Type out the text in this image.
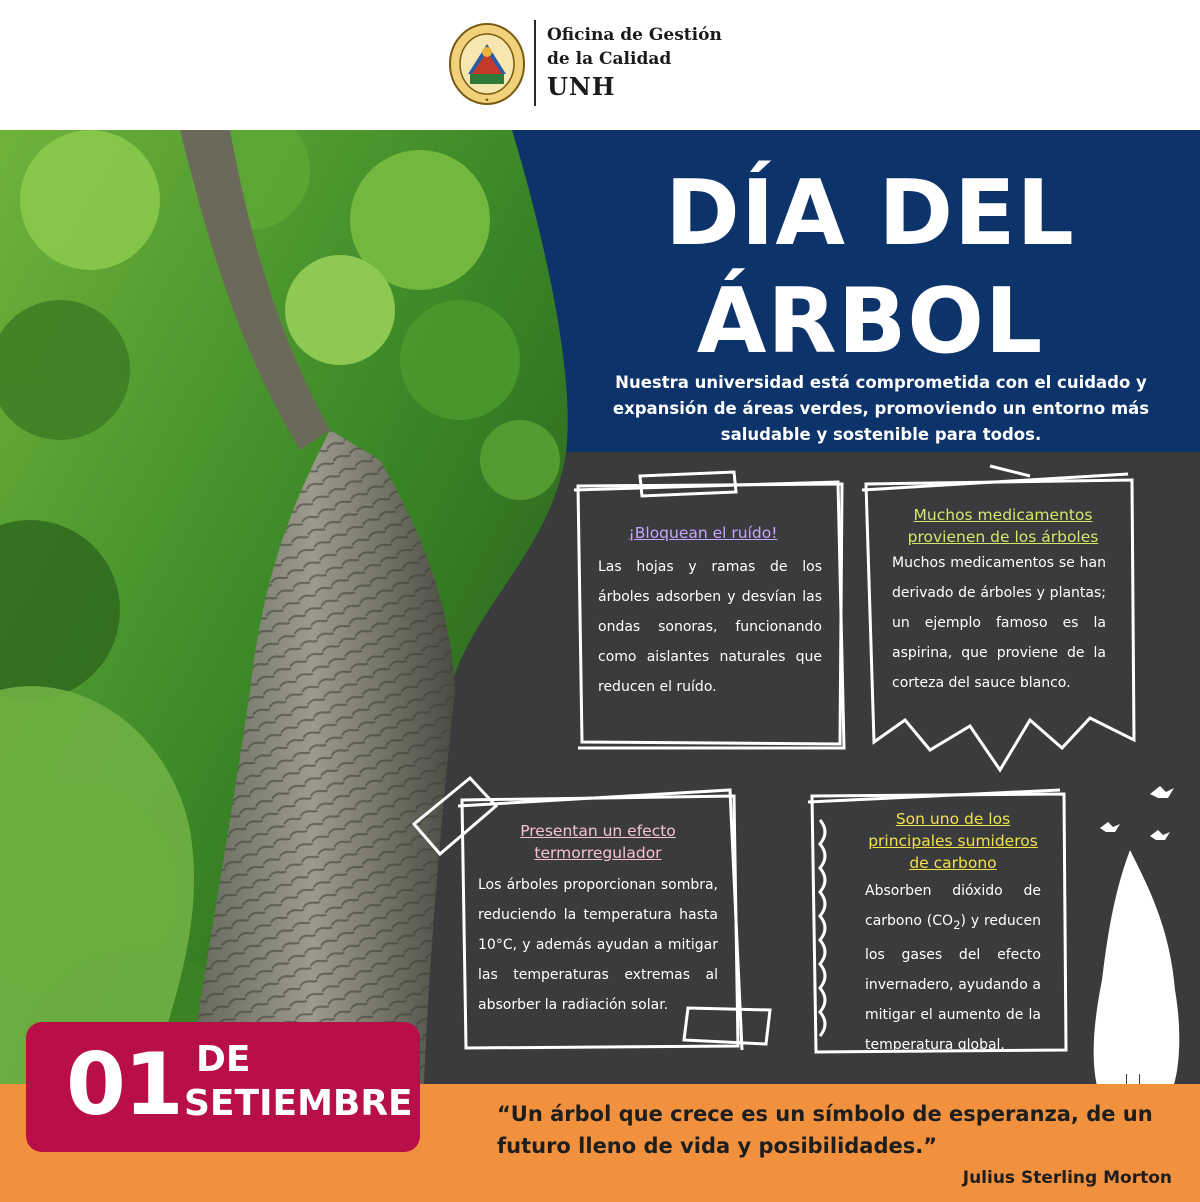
✦
Oficina de Gestión
de la Calidad
UNH
DÍA DEL
ÁRBOL
Nuestra universidad está comprometida con el cuidado y expansión de áreas verdes, promoviendo un entorno más saludable y sostenible para todos.
¡Bloquean el ruído!
Las hojas y ramas de los árboles adsorben y desvían las ondas sonoras, funcionando como aislantes naturales que reducen el ruído.
Muchos medicamentos provienen de los árboles
Muchos medicamentos se han derivado de árboles y plantas; un ejemplo famoso es la aspirina, que proviene de la corteza del sauce blanco.
Presentan un efecto termorregulador
Los árboles proporcionan sombra, reduciendo la temperatura hasta 10°C, y además ayudan a mitigar las temperaturas extremas al absorber la radiación solar.
Son uno de los principales sumideros de carbono
Absorben dióxido de carbono $(CO_2)$ y reducen los gases del efecto invernadero, ayudando a mitigar el aumento de la temperatura global.
“Un árbol que crece es un símbolo de esperanza, de un futuro lleno de vida y posibilidades.”
Julius Sterling Morton
01 DE
SETIEMBRE
